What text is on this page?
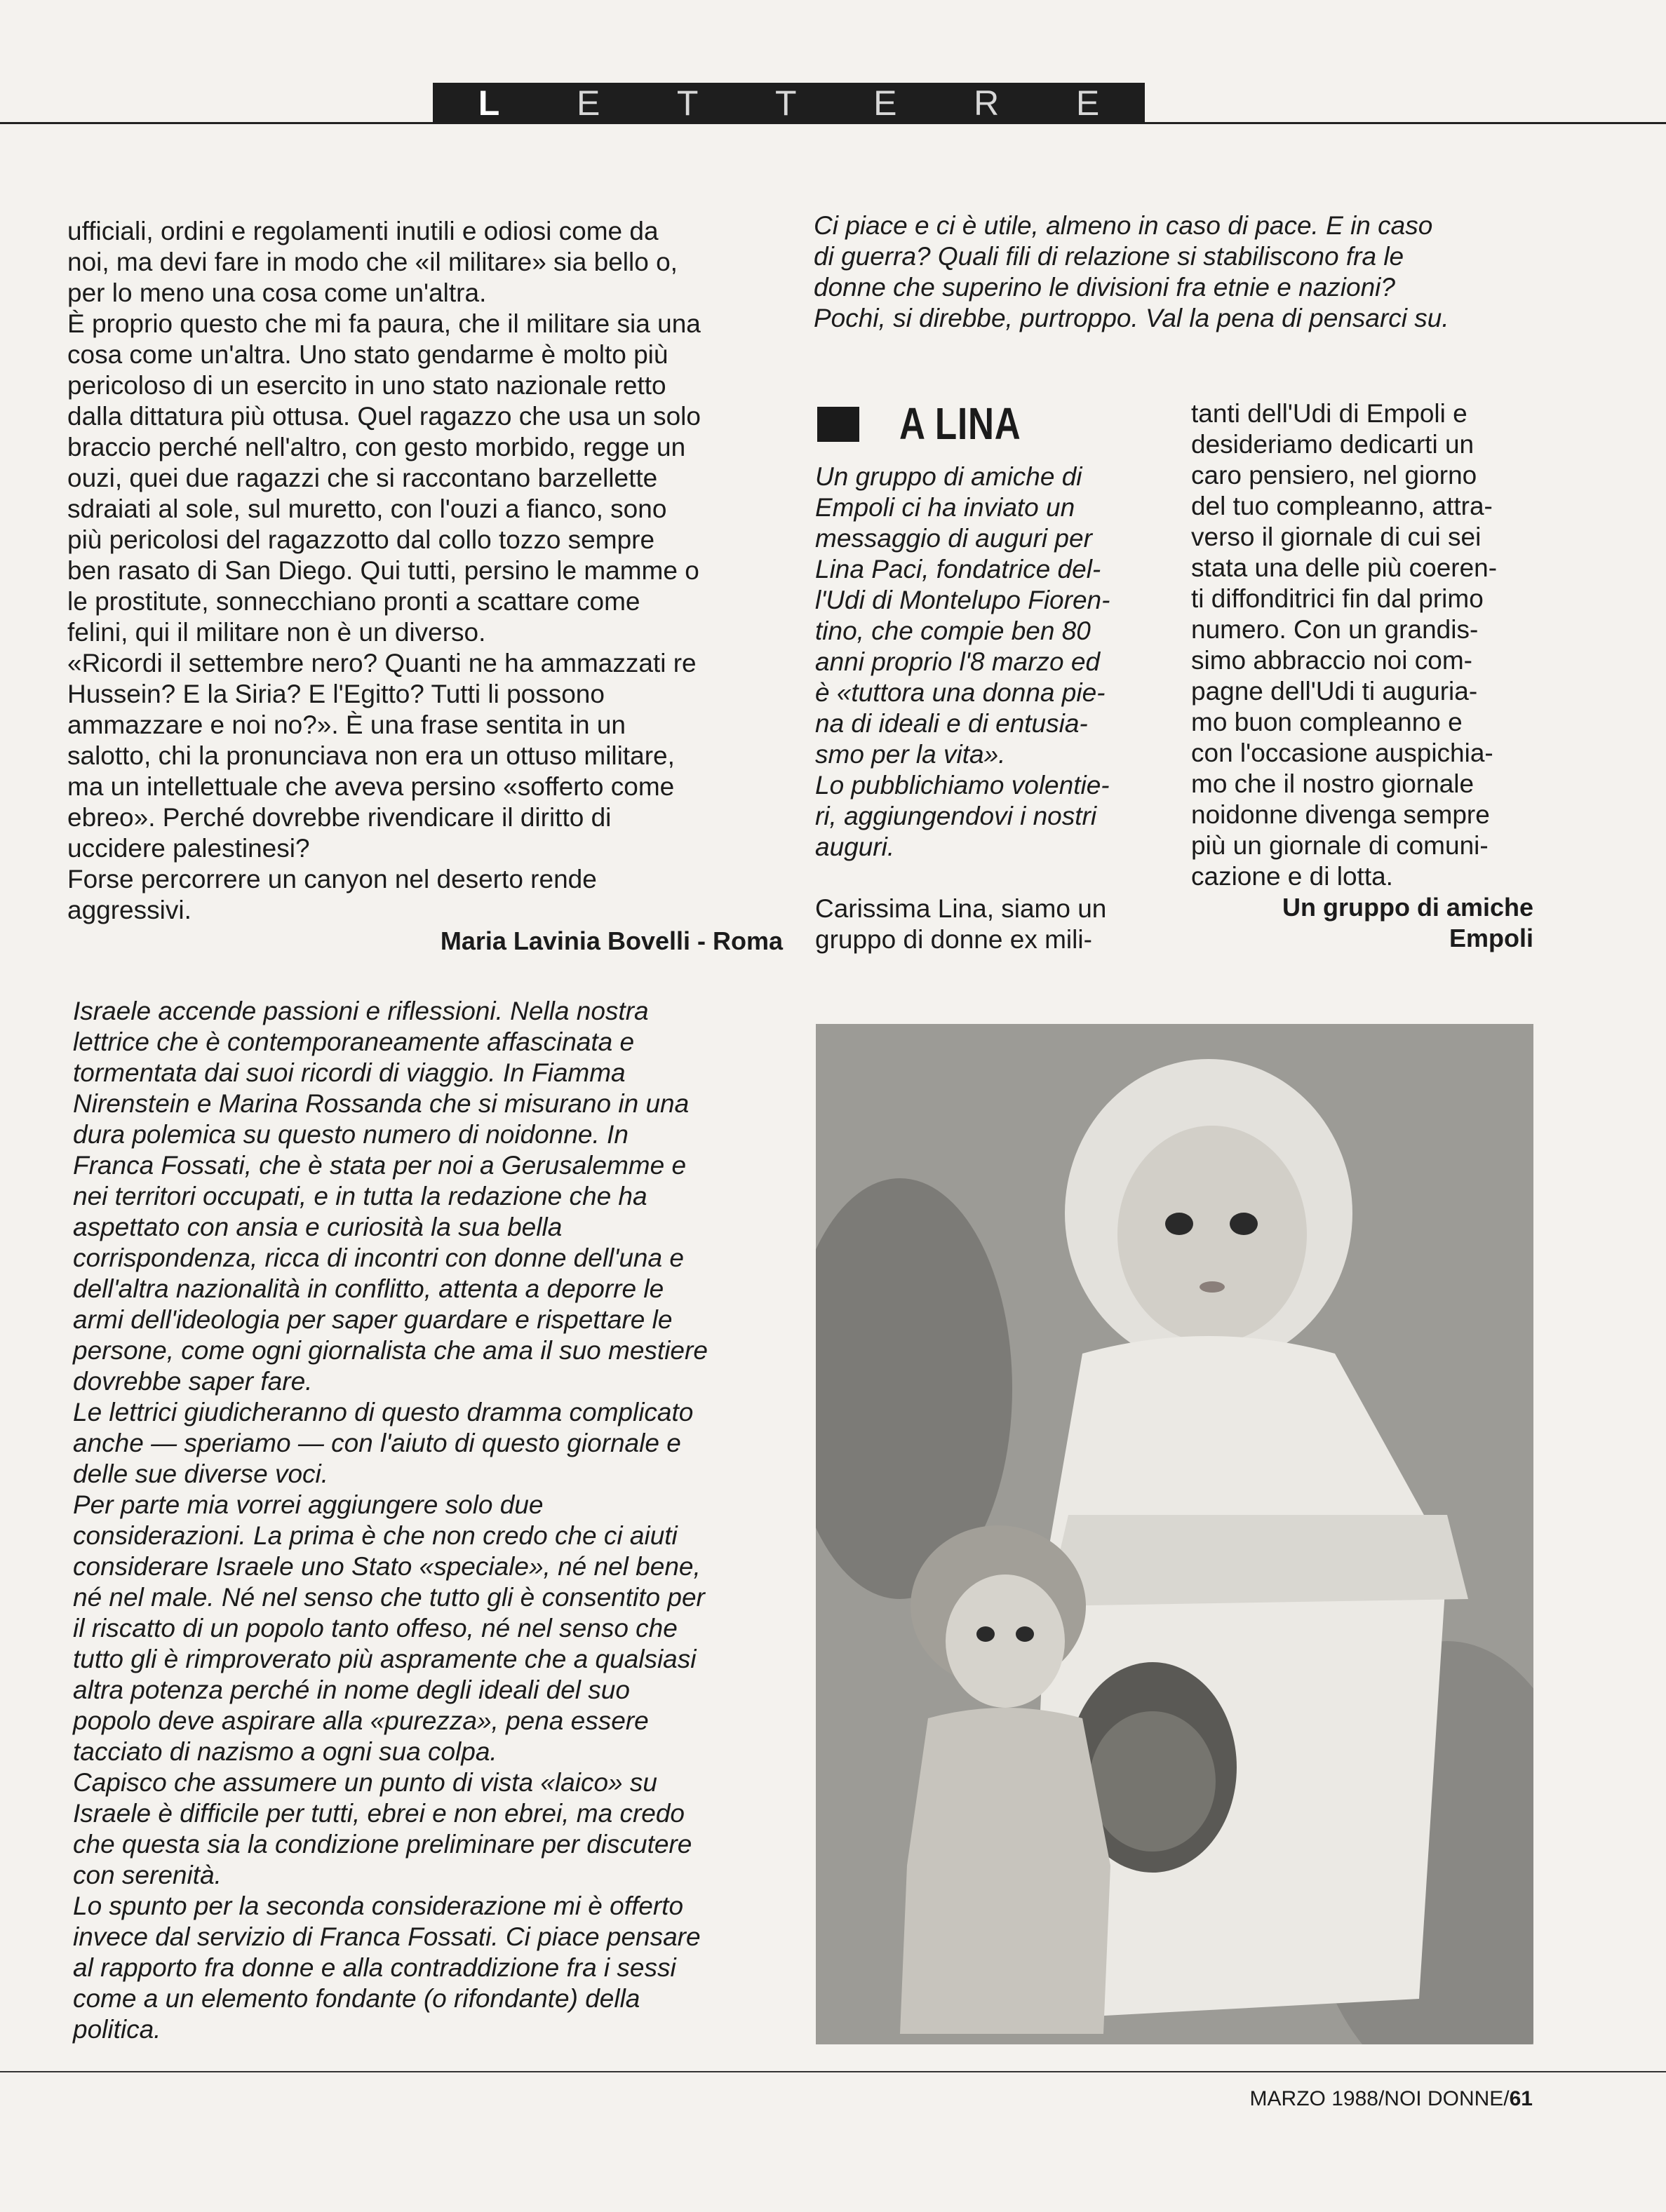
L E T T E R E
ufficiali, ordini e regolamenti inutili e odiosi come da
noi, ma devi fare in modo che «il militare» sia bello o,
per lo meno una cosa come un'altra.
È proprio questo che mi fa paura, che il militare sia una
cosa come un'altra. Uno stato gendarme è molto più
pericoloso di un esercito in uno stato nazionale retto
dalla dittatura più ottusa. Quel ragazzo che usa un solo
braccio perché nell'altro, con gesto morbido, regge un
ouzi, quei due ragazzi che si raccontano barzellette
sdraiati al sole, sul muretto, con l'ouzi a fianco, sono
più pericolosi del ragazzotto dal collo tozzo sempre
ben rasato di San Diego. Qui tutti, persino le mamme o
le prostitute, sonnecchiano pronti a scattare come
felini, qui il militare non è un diverso.
«Ricordi il settembre nero? Quanti ne ha ammazzati re
Hussein? E la Siria? E l'Egitto? Tutti li possono
ammazzare e noi no?». È una frase sentita in un
salotto, chi la pronunciava non era un ottuso militare,
ma un intellettuale che aveva persino «sofferto come
ebreo». Perché dovrebbe rivendicare il diritto di
uccidere palestinesi?
Forse percorrere un canyon nel deserto rende
aggressivi.

Maria Lavinia Bovelli - Roma

Ci piace e ci è utile, almeno in caso di pace. E in caso
di guerra? Quali fili di relazione si stabiliscono fra le
donne che superino le divisioni fra etnie e nazioni?
Pochi, si direbbe, purtroppo. Val la pena di pensarci su.
A LINA
Un gruppo di amiche di
Empoli ci ha inviato un
messaggio di auguri per
Lina Paci, fondatrice del-
l'Udi di Montelupo Fioren-
tino, che compie ben 80
anni proprio l'8 marzo ed
è «tuttora una donna pie-
na di ideali e di entusia-
smo per la vita».
Lo pubblichiamo volentie-
ri, aggiungendovi i nostri
auguri.
Carissima Lina, siamo un
gruppo di donne ex mili-
tanti dell'Udi di Empoli e
desideriamo dedicarti un
caro pensiero, nel giorno
del tuo compleanno, attra-
verso il giornale di cui sei
stata una delle più coeren-
ti diffonditrici fin dal primo
numero. Con un grandis-
simo abbraccio noi com-
pagne dell'Udi ti auguria-
mo buon compleanno e
con l'occasione auspichia-
mo che il nostro giornale
noidonne divenga sempre
più un giornale di comuni-
cazione e di lotta.
Un gruppo di amiche
Empoli
Israele accende passioni e riflessioni. Nella nostra
lettrice che è contemporaneamente affascinata e
tormentata dai suoi ricordi di viaggio. In Fiamma
Nirenstein e Marina Rossanda che si misurano in una
dura polemica su questo numero di noidonne. In
Franca Fossati, che è stata per noi a Gerusalemme e
nei territori occupati, e in tutta la redazione che ha
aspettato con ansia e curiosità la sua bella
corrispondenza, ricca di incontri con donne dell'una e
dell'altra nazionalità in conflitto, attenta a deporre le
armi dell'ideologia per saper guardare e rispettare le
persone, come ogni giornalista che ama il suo mestiere
dovrebbe saper fare.
Le lettrici giudicheranno di questo dramma complicato
anche — speriamo — con l'aiuto di questo giornale e
delle sue diverse voci.
Per parte mia vorrei aggiungere solo due
considerazioni. La prima è che non credo che ci aiuti
considerare Israele uno Stato «speciale», né nel bene,
né nel male. Né nel senso che tutto gli è consentito per
il riscatto di un popolo tanto offeso, né nel senso che
tutto gli è rimproverato più aspramente che a qualsiasi
altra potenza perché in nome degli ideali del suo
popolo deve aspirare alla «purezza», pena essere
tacciato di nazismo a ogni sua colpa.
Capisco che assumere un punto di vista «laico» su
Israele è difficile per tutti, ebrei e non ebrei, ma credo
che questa sia la condizione preliminare per discutere
con serenità.
Lo spunto per la seconda considerazione mi è offerto
invece dal servizio di Franca Fossati. Ci piace pensare
al rapporto fra donne e alla contraddizione fra i sessi
come a un elemento fondante (o rifondante) della
politica.
MARZO 1988/NOI DONNE/61
